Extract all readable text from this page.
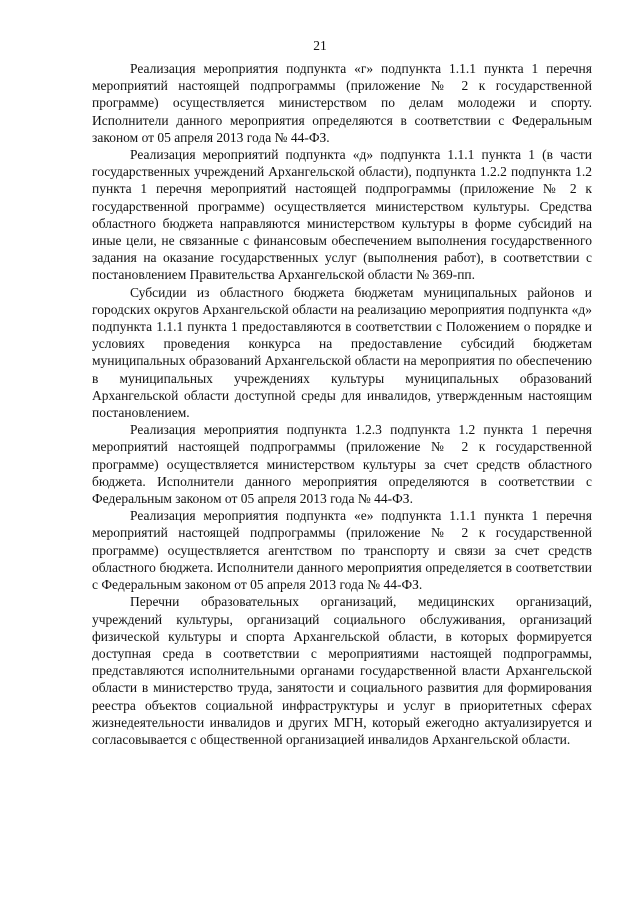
21

Реализация мероприятия подпункта «г» подпункта 1.1.1 пункта 1 перечня мероприятий настоящей подпрограммы (приложение № 2 к государственной программе) осуществляется министерством по делам молодежи и спорту. Исполнители данного мероприятия определяются в соответствии с Федеральным законом от 05 апреля 2013 года № 44-ФЗ.

Реализация мероприятий подпункта «д» подпункта 1.1.1 пункта 1 (в части государственных учреждений Архангельской области), подпункта 1.2.2 подпункта 1.2 пункта 1 перечня мероприятий настоящей подпрограммы (приложение № 2 к государственной программе) осуществляется министерством культуры. Средства областного бюджета направляются министерством культуры в форме субсидий на иные цели, не связанные с финансовым обеспечением выполнения государственного задания на оказание государственных услуг (выполнения работ), в соответствии с постановлением Правительства Архангельской области № 369-пп.

Субсидии из областного бюджета бюджетам муниципальных районов и городских округов Архангельской области на реализацию мероприятия подпункта «д» подпункта 1.1.1 пункта 1 предоставляются в соответствии с Положением о порядке и условиях проведения конкурса на предоставление субсидий бюджетам муниципальных образований Архангельской области на мероприятия по обеспечению в муниципальных учреждениях культуры муниципальных образований Архангельской области доступной среды для инвалидов, утвержденным настоящим постановлением.

Реализация мероприятия подпункта 1.2.3 подпункта 1.2 пункта 1 перечня мероприятий настоящей подпрограммы (приложение № 2 к государственной программе) осуществляется министерством культуры за счет средств областного бюджета. Исполнители данного мероприятия определяются в соответствии с Федеральным законом от 05 апреля 2013 года № 44-ФЗ.

Реализация мероприятия подпункта «е» подпункта 1.1.1 пункта 1 перечня мероприятий настоящей подпрограммы (приложение № 2 к государственной программе) осуществляется агентством по транспорту и связи за счет средств областного бюджета. Исполнители данного мероприятия определяется в соответствии с Федеральным законом от 05 апреля 2013 года № 44-ФЗ.

Перечни образовательных организаций, медицинских организаций, учреждений культуры, организаций социального обслуживания, организаций физической культуры и спорта Архангельской области, в которых формируется доступная среда в соответствии с мероприятиями настоящей подпрограммы, представляются исполнительными органами государственной власти Архангельской области в министерство труда, занятости и социального развития для формирования реестра объектов социальной инфраструктуры и услуг в приоритетных сферах жизнедеятельности инвалидов и других МГН, который ежегодно актуализируется и согласовывается с общественной организацией инвалидов Архангельской области.
